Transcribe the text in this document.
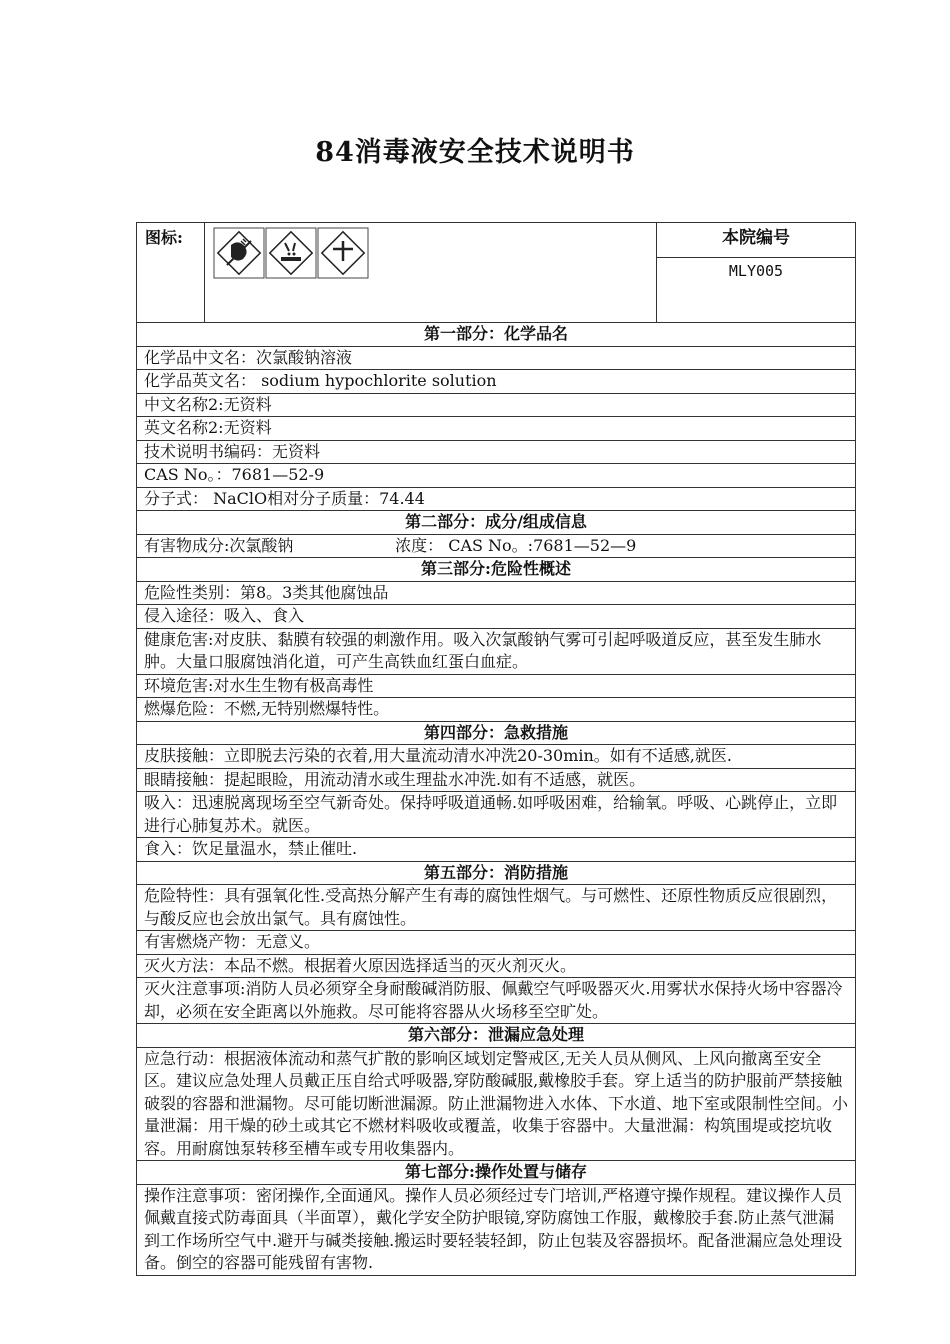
84消毒液安全技术说明书
图标:	本院编号
MLY005
第一部分：化学品名
化学品中文名：次氯酸钠溶液
化学品英文名： sodium hypochlorite solution
中文名称2:无资料
英文名称2:无资料
技术说明书编码：无资料
CAS No。：7681—52-9
分子式： NaClO相对分子质量：74.44
第二部分：成分/组成信息
有害物成分:次氯酸钠                    浓度： CAS No。:7681—52—9
第三部分:危险性概述
危险性类别：第8。3类其他腐蚀品
侵入途径：吸入、食入
健康危害:对皮肤、黏膜有较强的刺激作用。吸入次氯酸钠气雾可引起呼吸道反应，甚至发生肺水肿。大量口服腐蚀消化道，可产生高铁血红蛋白血症。
环境危害:对水生生物有极高毒性
燃爆危险：不燃,无特别燃爆特性。
第四部分：急救措施
皮肤接触：立即脱去污染的衣着,用大量流动清水冲洗20-30min。如有不适感,就医.
眼睛接触：提起眼睑，用流动清水或生理盐水冲洗.如有不适感，就医。
吸入：迅速脱离现场至空气新奇处。保持呼吸道通畅.如呼吸困难，给输氧。呼吸、心跳停止，立即进行心肺复苏术。就医。
食入：饮足量温水，禁止催吐.
第五部分：消防措施
危险特性：具有强氧化性.受高热分解产生有毒的腐蚀性烟气。与可燃性、还原性物质反应很剧烈，与酸反应也会放出氯气。具有腐蚀性。
有害燃烧产物：无意义。
灭火方法：本品不燃。根据着火原因选择适当的灭火剂灭火。
灭火注意事项:消防人员必须穿全身耐酸碱消防服、佩戴空气呼吸器灭火.用雾状水保持火场中容器冷却，必须在安全距离以外施救。尽可能将容器从火场移至空旷处。
第六部分：泄漏应急处理
应急行动：根据液体流动和蒸气扩散的影响区域划定警戒区,无关人员从侧风、上风向撤离至安全区。建议应急处理人员戴正压自给式呼吸器,穿防酸碱服,戴橡胶手套。穿上适当的防护服前严禁接触破裂的容器和泄漏物。尽可能切断泄漏源。防止泄漏物进入水体、下水道、地下室或限制性空间。小量泄漏：用干燥的砂土或其它不燃材料吸收或覆盖，收集于容器中。大量泄漏：构筑围堤或挖坑收容。用耐腐蚀泵转移至槽车或专用收集器内。
第七部分:操作处置与储存
操作注意事项：密闭操作,全面通风。操作人员必须经过专门培训,严格遵守操作规程。建议操作人员佩戴直接式防毒面具（半面罩），戴化学安全防护眼镜,穿防腐蚀工作服，戴橡胶手套.防止蒸气泄漏到工作场所空气中.避开与碱类接触.搬运时要轻装轻卸，防止包装及容器损坏。配备泄漏应急处理设备。倒空的容器可能残留有害物.
